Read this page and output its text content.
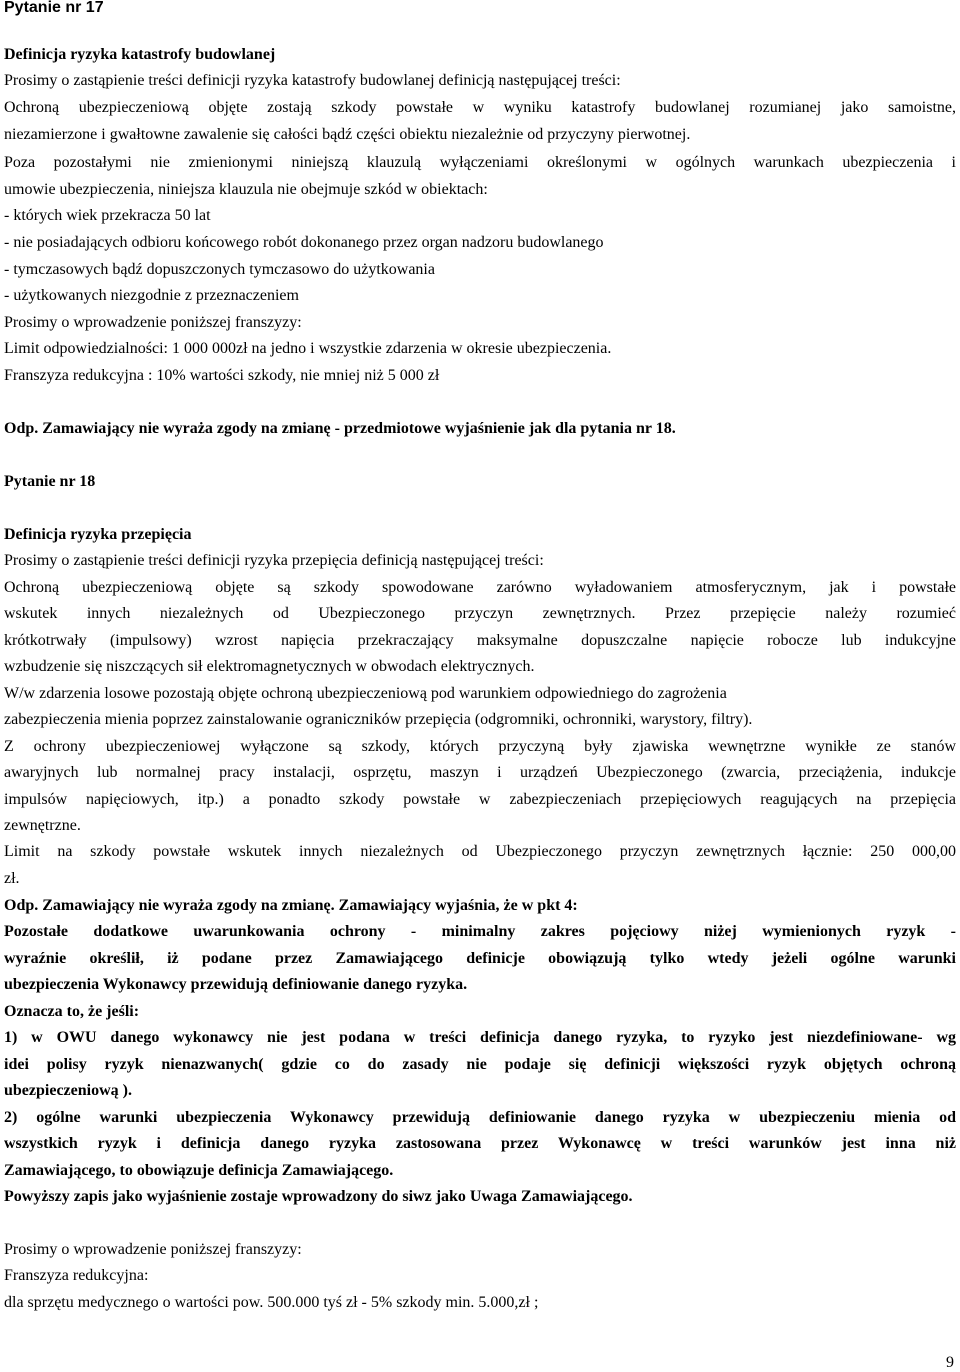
Pytanie nr 17
Definicja ryzyka katastrofy budowlanej
Prosimy o zastąpienie treści definicji ryzyka katastrofy budowlanej definicją następującej treści:
Ochroną ubezpieczeniową objęte zostają szkody powstałe w wyniku katastrofy budowlanej rozumianej jako samoistne,
niezamierzone i gwałtowne zawalenie się całości bądź części obiektu niezależnie od przyczyny pierwotnej.
Poza pozostałymi nie zmienionymi niniejszą klauzulą wyłączeniami określonymi w ogólnych warunkach ubezpieczenia i
umowie ubezpieczenia, niniejsza klauzula nie obejmuje szkód w obiektach:
- których wiek przekracza 50 lat
- nie posiadających odbioru końcowego robót dokonanego przez organ nadzoru budowlanego
- tymczasowych bądź dopuszczonych tymczasowo do użytkowania
- użytkowanych niezgodnie z przeznaczeniem
Prosimy o wprowadzenie poniższej franszyzy:
Limit odpowiedzialności: 1 000 000zł na jedno i wszystkie zdarzenia w okresie ubezpieczenia.
Franszyza redukcyjna : 10% wartości szkody, nie mniej niż 5 000 zł
Odp. Zamawiający nie wyraża zgody na zmianę - przedmiotowe wyjaśnienie jak dla pytania nr 18.
Pytanie nr 18
Definicja ryzyka przepięcia
Prosimy o zastąpienie treści definicji ryzyka przepięcia definicją następującej treści:
Ochroną ubezpieczeniową objęte są szkody spowodowane zarówno wyładowaniem atmosferycznym, jak i powstałe
wskutek innych niezależnych od Ubezpieczonego przyczyn zewnętrznych. Przez przepięcie należy rozumieć
krótkotrwały (impulsowy) wzrost napięcia przekraczający maksymalne dopuszczalne napięcie robocze lub indukcyjne
wzbudzenie się niszczących sił elektromagnetycznych w obwodach elektrycznych.
W/w zdarzenia losowe pozostają objęte ochroną ubezpieczeniową pod warunkiem odpowiedniego do zagrożenia
zabezpieczenia mienia poprzez zainstalowanie ograniczników przepięcia (odgromniki, ochronniki, warystory, filtry).
Z ochrony ubezpieczeniowej wyłączone są szkody, których przyczyną były zjawiska wewnętrzne wynikłe ze stanów
awaryjnych lub normalnej pracy instalacji, osprzętu, maszyn i urządzeń Ubezpieczonego (zwarcia, przeciążenia, indukcje
impulsów napięciowych, itp.) a ponadto szkody powstałe w zabezpieczeniach przepięciowych reagujących na przepięcia
zewnętrzne.
Limit na szkody powstałe wskutek innych niezależnych od Ubezpieczonego przyczyn zewnętrznych łącznie: 250 000,00
zł.
Odp. Zamawiający nie wyraża zgody na zmianę. Zamawiający wyjaśnia, że w pkt 4:
Pozostałe dodatkowe uwarunkowania ochrony - minimalny zakres pojęciowy niżej wymienionych ryzyk -
wyraźnie określił, iż podane przez Zamawiającego definicje obowiązują tylko wtedy jeżeli ogólne warunki
ubezpieczenia Wykonawcy przewidują definiowanie danego ryzyka.
Oznacza to, że jeśli:
1) w OWU danego wykonawcy nie jest podana w treści definicja danego ryzyka, to ryzyko jest niezdefiniowane- wg
idei polisy ryzyk nienazwanych( gdzie co do zasady nie podaje się definicji większości ryzyk objętych ochroną
ubezpieczeniową ).
2) ogólne warunki ubezpieczenia Wykonawcy przewidują definiowanie danego ryzyka w ubezpieczeniu mienia od
wszystkich ryzyk i definicja danego ryzyka zastosowana przez Wykonawcę w treści warunków jest inna niż
Zamawiającego, to obowiązuje definicja Zamawiającego.
Powyższy zapis jako wyjaśnienie zostaje wprowadzony do siwz jako Uwaga Zamawiającego.
Prosimy o wprowadzenie poniższej franszyzy:
Franszyza redukcyjna:
dla sprzętu medycznego o wartości pow. 500.000 tyś zł - 5% szkody min. 5.000,zł ;
9
